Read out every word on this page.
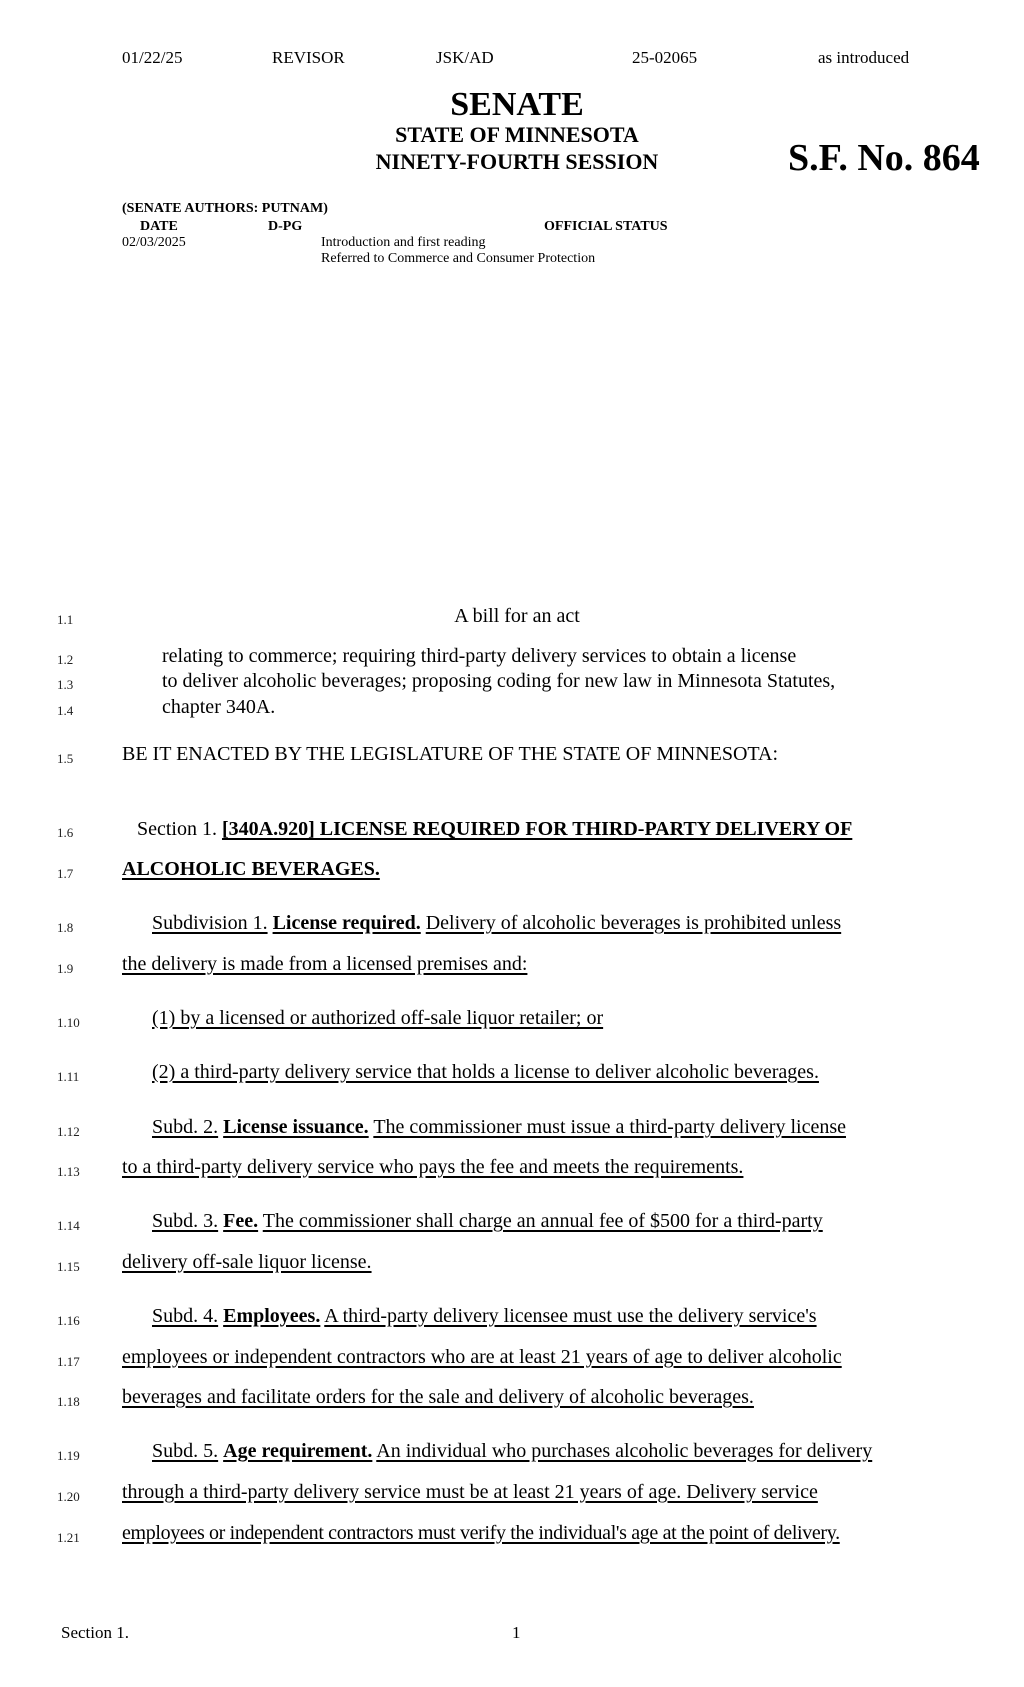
01/22/25	REVISOR	JSK/AD	25-02065	as introduced
SENATE
STATE OF MINNESOTA
NINETY-FOURTH SESSION	S.F. No. 864
(SENATE AUTHORS: PUTNAM)
DATE	D-PG	OFFICIAL STATUS
02/03/2025	Introduction and first reading
Referred to Commerce and Consumer Protection
1.1
1.2
1.3
1.4
1.5
1.6
1.7
1.8
1.9
1.10
1.11
1.12
1.13
1.14
1.15
1.16
1.17
1.18
1.19
1.20
1.21
A bill for an act
relating to commerce; requiring third-party delivery services to obtain a license
to deliver alcoholic beverages; proposing coding for new law in Minnesota Statutes,
chapter 340A.
BE IT ENACTED BY THE LEGISLATURE OF THE STATE OF MINNESOTA:
Section 1. [340A.920] LICENSE REQUIRED FOR THIRD-PARTY DELIVERY OF
ALCOHOLIC BEVERAGES.
Subdivision 1. License required. Delivery of alcoholic beverages is prohibited unless
the delivery is made from a licensed premises and:
(1) by a licensed or authorized off-sale liquor retailer; or
(2) a third-party delivery service that holds a license to deliver alcoholic beverages.
Subd. 2. License issuance. The commissioner must issue a third-party delivery license
to a third-party delivery service who pays the fee and meets the requirements.
Subd. 3. Fee. The commissioner shall charge an annual fee of $500 for a third-party
delivery off-sale liquor license.
Subd. 4. Employees. A third-party delivery licensee must use the delivery service's
employees or independent contractors who are at least 21 years of age to deliver alcoholic
beverages and facilitate orders for the sale and delivery of alcoholic beverages.
Subd. 5. Age requirement. An individual who purchases alcoholic beverages for delivery
through a third-party delivery service must be at least 21 years of age. Delivery service
employees or independent contractors must verify the individual's age at the point of delivery.
Section 1.	1
